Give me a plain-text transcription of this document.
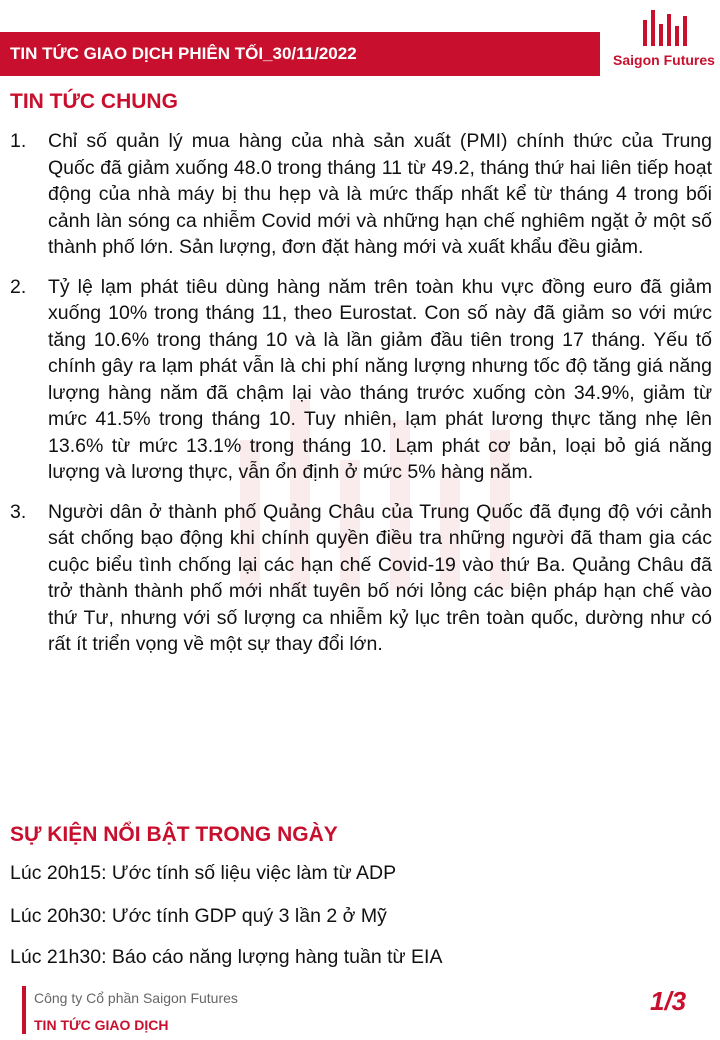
TIN TỨC GIAO DỊCH PHIÊN TỐI_30/11/2022	Saigon Futures
TIN TỨC CHUNG
1. Chỉ số quản lý mua hàng của nhà sản xuất (PMI) chính thức của Trung Quốc đã giảm xuống 48.0 trong tháng 11 từ 49.2, tháng thứ hai liên tiếp hoạt động của nhà máy bị thu hẹp và là mức thấp nhất kể từ tháng 4 trong bối cảnh làn sóng ca nhiễm Covid mới và những hạn chế nghiêm ngặt ở một số thành phố lớn. Sản lượng, đơn đặt hàng mới và xuất khẩu đều giảm.
2. Tỷ lệ lạm phát tiêu dùng hàng năm trên toàn khu vực đồng euro đã giảm xuống 10% trong tháng 11, theo Eurostat. Con số này đã giảm so với mức tăng 10.6% trong tháng 10 và là lần giảm đầu tiên trong 17 tháng. Yếu tố chính gây ra lạm phát vẫn là chi phí năng lượng nhưng tốc độ tăng giá năng lượng hàng năm đã chậm lại vào tháng trước xuống còn 34.9%, giảm từ mức 41.5% trong tháng 10. Tuy nhiên, lạm phát lương thực tăng nhẹ lên 13.6% từ mức 13.1% trong tháng 10. Lạm phát cơ bản, loại bỏ giá năng lượng và lương thực, vẫn ổn định ở mức 5% hàng năm.
3. Người dân ở thành phố Quảng Châu của Trung Quốc đã đụng độ với cảnh sát chống bạo động khi chính quyền điều tra những người đã tham gia các cuộc biểu tình chống lại các hạn chế Covid-19 vào thứ Ba. Quảng Châu đã trở thành thành phố mới nhất tuyên bố nới lỏng các biện pháp hạn chế vào thứ Tư, nhưng với số lượng ca nhiễm kỷ lục trên toàn quốc, dường như có rất ít triển vọng về một sự thay đổi lớn.
SỰ KIỆN NỔI BẬT TRONG NGÀY
Lúc 20h15: Ước tính số liệu việc làm từ ADP
Lúc 20h30: Ước tính GDP quý 3 lần 2 ở Mỹ
Lúc 21h30: Báo cáo năng lượng hàng tuần từ EIA
Công ty Cổ phần Saigon Futures
TIN TỨC GIAO DỊCH
1/3
